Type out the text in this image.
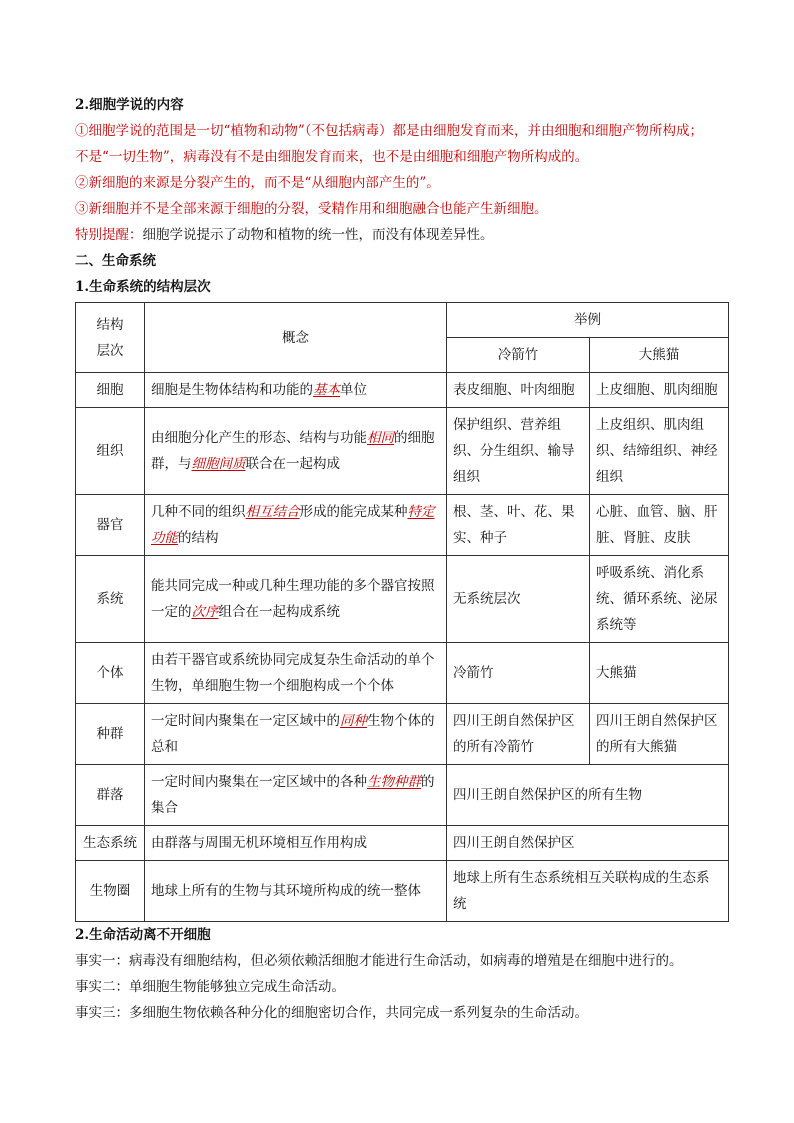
2.细胞学说的内容
①细胞学说的范围是一切“植物和动物”（不包括病毒）都是由细胞发育而来，并由细胞和细胞产物所构成；
不是“一切生物”，病毒没有不是由细胞发育而来，也不是由细胞和细胞产物所构成的。
②新细胞的来源是分裂产生的，而不是“从细胞内部产生的”。
③新细胞并不是全部来源于细胞的分裂，受精作用和细胞融合也能产生新细胞。
特别提醒：细胞学说提示了动物和植物的统一性，而没有体现差异性。
二、生命系统
1.生命系统的结构层次
结构
层次	概念	举例	
		冷箭竹	大熊猫
细胞	细胞是生物体结构和功能的基本单位	表皮细胞、叶肉细胞	上皮细胞、肌肉细胞
组织	由细胞分化产生的形态、结构与功能相同的细胞群，与细胞间质联合在一起构成	保护组织、营养组织、分生组织、输导组织	上皮组织、肌肉组织、结缔组织、神经组织
器官	几种不同的组织相互结合形成的能完成某种特定功能的结构	根、茎、叶、花、果实、种子	心脏、血管、脑、肝脏、肾脏、皮肤
系统	能共同完成一种或几种生理功能的多个器官按照一定的次序组合在一起构成系统	无系统层次	呼吸系统、消化系统、循环系统、泌尿系统等
个体	由若干器官或系统协同完成复杂生命活动的单个生物，单细胞生物一个细胞构成一个个体	冷箭竹	大熊猫
种群	一定时间内聚集在一定区域中的同种生物个体的总和	四川王朗自然保护区的所有冷箭竹	四川王朗自然保护区的所有大熊猫
群落	一定时间内聚集在一定区域中的各种生物种群的集合	四川王朗自然保护区的所有生物	
生态系统	由群落与周围无机环境相互作用构成	四川王朗自然保护区	
生物圈	地球上所有的生物与其环境所构成的统一整体	地球上所有生态系统相互关联构成的生态系统	
2.生命活动离不开细胞
事实一：病毒没有细胞结构，但必须依赖活细胞才能进行生命活动，如病毒的增殖是在细胞中进行的。
事实二：单细胞生物能够独立完成生命活动。
事实三：多细胞生物依赖各种分化的细胞密切合作，共同完成一系列复杂的生命活动。
